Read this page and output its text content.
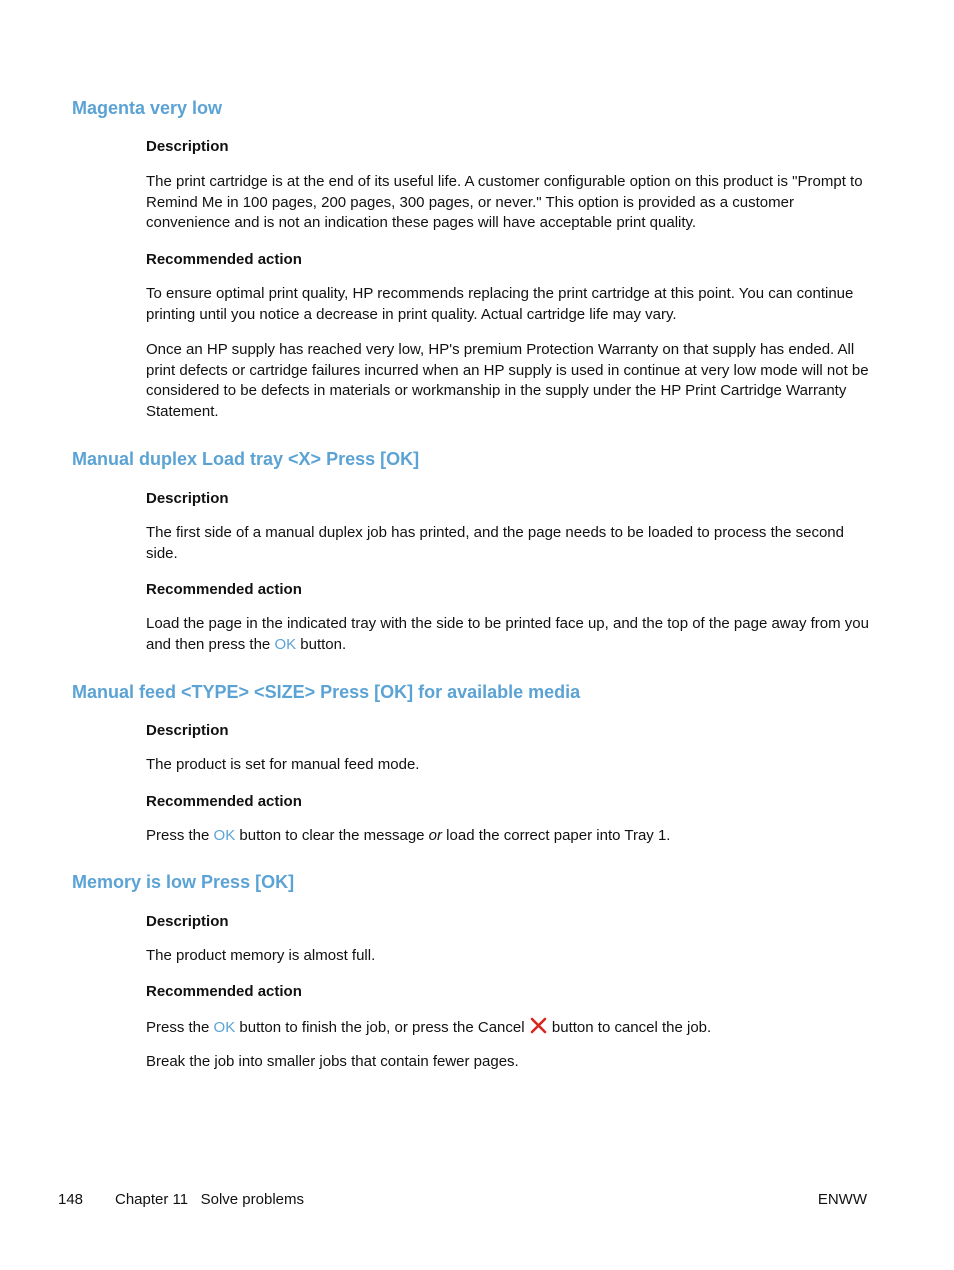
Magenta very low
Description

The print cartridge is at the end of its useful life. A customer configurable option on this product is "Prompt to Remind Me in 100 pages, 200 pages, 300 pages, or never." This option is provided as a customer convenience and is not an indication these pages will have acceptable print quality.

Recommended action

To ensure optimal print quality, HP recommends replacing the print cartridge at this point. You can continue printing until you notice a decrease in print quality. Actual cartridge life may vary.

Once an HP supply has reached very low, HP's premium Protection Warranty on that supply has ended. All print defects or cartridge failures incurred when an HP supply is used in continue at very low mode will not be considered to be defects in materials or workmanship in the supply under the HP Print Cartridge Warranty Statement.

Manual duplex Load tray <X> Press [OK]
Description

The first side of a manual duplex job has printed, and the page needs to be loaded to process the second side.

Recommended action

Load the page in the indicated tray with the side to be printed face up, and the top of the page away from you and then press the OK button.

Manual feed <TYPE> <SIZE> Press [OK] for available media
Description

The product is set for manual feed mode.

Recommended action

Press the OK button to clear the message or load the correct paper into Tray 1.

Memory is low Press [OK]
Description

The product memory is almost full.

Recommended action

Press the OK button to finish the job, or press the Cancel  button to cancel the job.

Break the job into smaller jobs that contain fewer pages.

148 Chapter 11   Solve problems	ENWW
